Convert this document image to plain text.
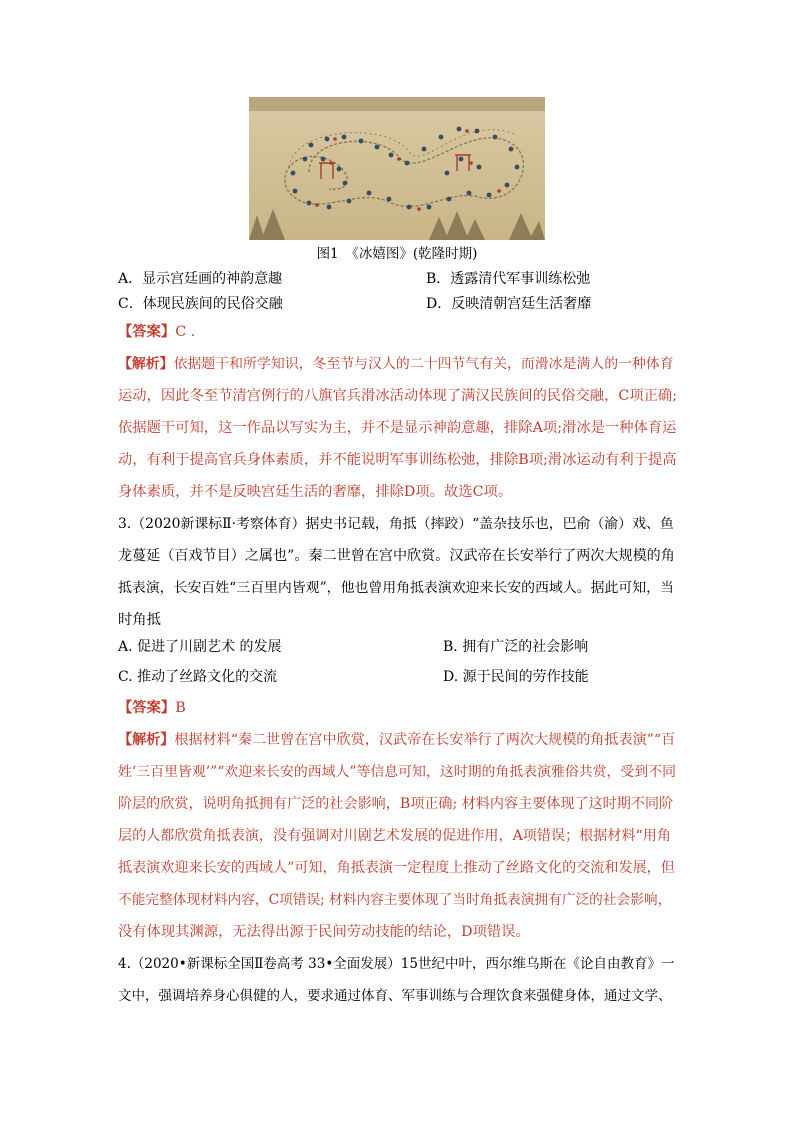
图1　《冰嬉图》(乾隆时期)
A．显示宫廷画的神韵意趣	B．透露清代军事训练松弛
C．体现民族间的民俗交融	D．反映清朝宫廷生活奢靡
【答案】C .
【解析】依据题干和所学知识，冬至节与汉人的二十四节气有关，而滑冰是满人的一种体育
运动，因此冬至节清宫例行的八旗官兵滑冰活动体现了满汉民族间的民俗交融，C项正确;
依据题干可知，这一作品以写实为主，并不是显示神韵意趣，排除A项;滑冰是一种体育运
动，有利于提高官兵身体素质，并不能说明军事训练松弛，排除B项;滑冰运动有利于提高
身体素质，并不是反映宫廷生活的奢靡，排除D项。故选C项。
3.（2020新课标Ⅱ·考察体育）据史书记载，角抵（摔跤）“盖杂技乐也，巴俞（渝）戏、鱼
龙蔓延（百戏节目）之属也”。秦二世曾在宫中欣赏。汉武帝在长安举行了两次大规模的角
抵表演，长安百姓“三百里内皆观”，他也曾用角抵表演欢迎来长安的西域人。据此可知，当
时角抵
A. 促进了川剧艺术 的发展	B. 拥有广泛的社会影响
C. 推动了丝路文化的交流	D. 源于民间的劳作技能
【答案】B
【解析】根据材料“秦二世曾在宫中欣赏，汉武帝在长安举行了两次大规模的角抵表演”“百
姓‘三百里皆观’”“欢迎来长安的西域人”等信息可知，这时期的角抵表演雅俗共赏，受到不同
阶层的欣赏，说明角抵拥有广泛的社会影响，B项正确; 材料内容主要体现了这时期不同阶
层的人都欣赏角抵表演，没有强调对川剧艺术发展的促进作用，A项错误；根据材料“用角
抵表演欢迎来长安的西域人”可知，角抵表演一定程度上推动了丝路文化的交流和发展，但
不能完整体现材料内容，C项错误; 材料内容主要体现了当时角抵表演拥有广泛的社会影响，
没有体现其渊源，无法得出源于民间劳动技能的结论，D项错误。
4.（2020•新课标全国Ⅱ卷高考 33•全面发展）15世纪中叶，西尔维乌斯在《论自由教育》一
文中，强调培养身心俱健的人，要求通过体育、军事训练与合理饮食来强健身体，通过文学、
